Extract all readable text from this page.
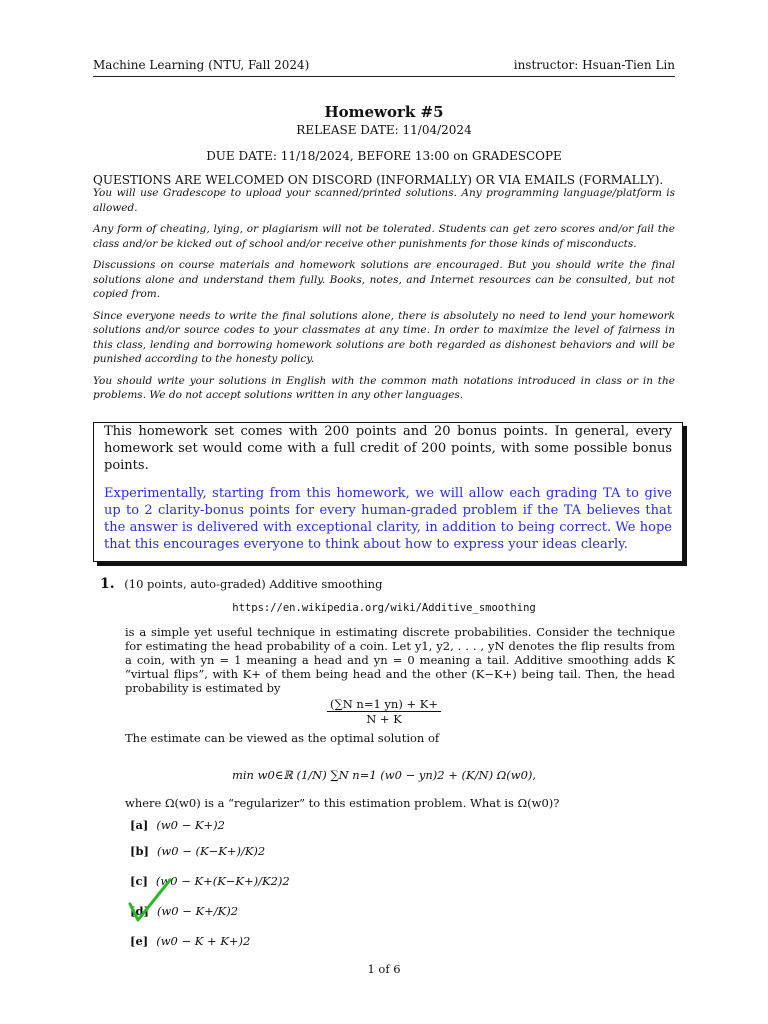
Machine Learning (NTU, Fall 2024)	instructor: Hsuan-Tien Lin
Homework #5
RELEASE DATE: 11/04/2024
DUE DATE: 11/18/2024, BEFORE 13:00 on GRADESCOPE
QUESTIONS ARE WELCOMED ON DISCORD (INFORMALLY) OR VIA EMAILS (FORMALLY).

You will use Gradescope to upload your scanned/printed solutions. Any programming language/platform is allowed.

Any form of cheating, lying, or plagiarism will not be tolerated. Students can get zero scores and/or fail the class and/or be kicked out of school and/or receive other punishments for those kinds of misconducts.

Discussions on course materials and homework solutions are encouraged. But you should write the final solutions alone and understand them fully. Books, notes, and Internet resources can be consulted, but not copied from.

Since everyone needs to write the final solutions alone, there is absolutely no need to lend your homework solutions and/or source codes to your classmates at any time. In order to maximize the level of fairness in this class, lending and borrowing homework solutions are both regarded as dishonest behaviors and will be punished according to the honesty policy.

You should write your solutions in English with the common math notations introduced in class or in the problems. We do not accept solutions written in any other languages.

This homework set comes with 200 points and 20 bonus points. In general, every homework set would come with a full credit of 200 points, with some possible bonus points.

Experimentally, starting from this homework, we will allow each grading TA to give up to 2 clarity-bonus points for every human-graded problem if the TA believes that the answer is delivered with exceptional clarity, in addition to being correct. We hope that this encourages everyone to think about how to express your ideas clearly.

1. (10 points, auto-graded) Additive smoothing
https://en.wikipedia.org/wiki/Additive_smoothing
is a simple yet useful technique in estimating discrete probabilities. Consider the technique for estimating the head probability of a coin. Let y1, y2, . . . , yN denotes the flip results from a coin, with yn = 1 meaning a head and yn = 0 meaning a tail. Additive smoothing adds K “virtual flips”, with K+ of them being head and the other (K−K+) being tail. Then, the head probability is estimated by
$\frac{\text{(∑N n=1 yn) + K+}}{N + K}$
The estimate can be viewed as the optimal solution of
min w0∈ℝ (1/N) ∑N n=1 (w0 − yn)2 + (K/N) Ω(w0),
where Ω(w0) is a “regularizer” to this estimation problem. What is Ω(w0)?
[a] (w0 − K+)2
[b] (w0 − (K−K+)/K)2
[c] (w0 − K+(K−K+)/K2)2
[d] (w0 − K+/K)2
[e] (w0 − K + K+)2
1 of 6
